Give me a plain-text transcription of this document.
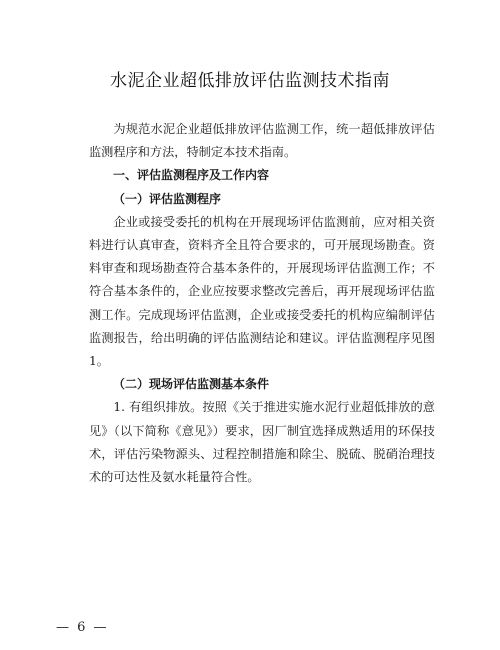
水泥企业超低排放评估监测技术指南

为规范水泥企业超低排放评估监测工作，统一超低排放评估监测程序和方法，特制定本技术指南。

一、评估监测程序及工作内容

（一）评估监测程序

企业或接受委托的机构在开展现场评估监测前，应对相关资料进行认真审查，资料齐全且符合要求的，可开展现场勘查。资料审查和现场勘查符合基本条件的，开展现场评估监测工作；不符合基本条件的，企业应按要求整改完善后，再开展现场评估监测工作。完成现场评估监测，企业或接受委托的机构应编制评估监测报告，给出明确的评估监测结论和建议。评估监测程序见图1。

（二）现场评估监测基本条件

1. 有组织排放。按照《关于推进实施水泥行业超低排放的意见》（以下简称《意见》）要求，因厂制宜选择成熟适用的环保技术，评估污染物源头、过程控制措施和除尘、脱硫、脱硝治理技术的可达性及氨水耗量符合性。

— 6 —
